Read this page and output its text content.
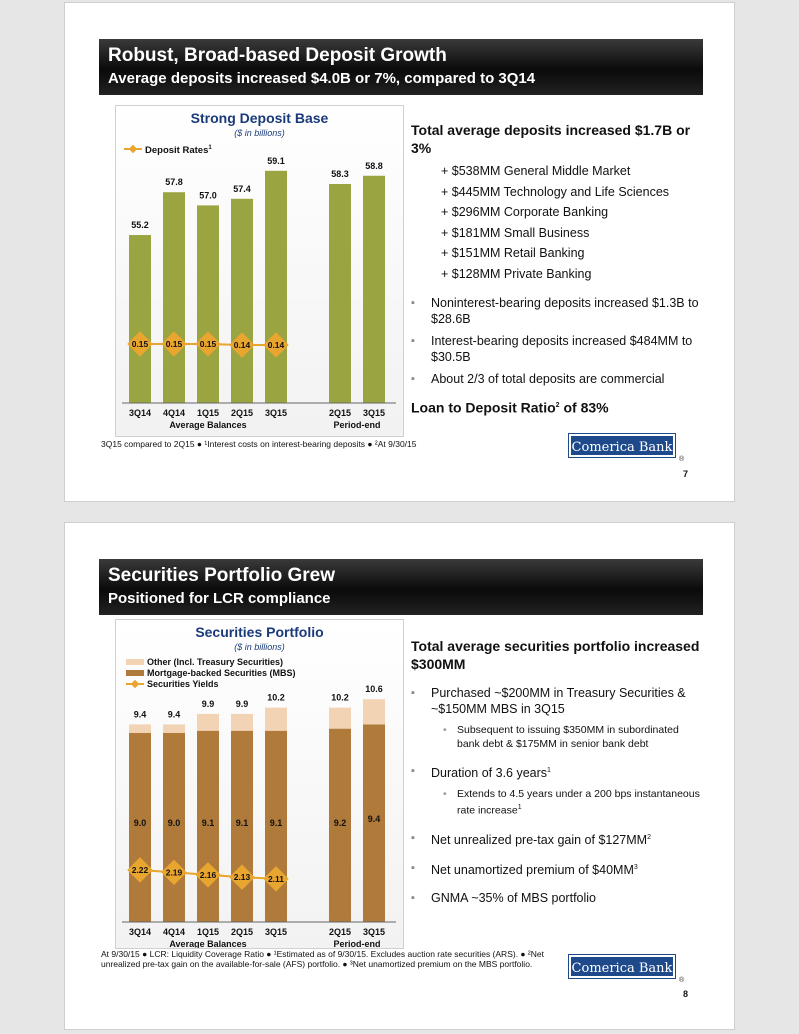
Robust, Broad-based Deposit Growth
Average deposits increased $4.0B or 7%, compared to 3Q14
Strong Deposit Base
($ in billions)
Deposit Rates$^1$
55.2
57.8
57.0
57.4
59.1
58.3
58.8
0.15 0.15 0.15 0.14 0.14
3Q14 4Q14 1Q15 2Q15 3Q15	2Q15 3Q15
Average Balances	Period-end
Total average deposits increased $1.7B or 3%
+ $538MM General Middle Market
+ $445MM Technology and Life Sciences
+ $296MM Corporate Banking
+ $181MM Small Business
+ $151MM Retail Banking
+ $128MM Private Banking
▪ Noninterest-bearing deposits increased $1.3B to $28.6B
▪ Interest-bearing deposits increased $484MM to $30.5B
▪ About 2/3 of total deposits are commercial
Loan to Deposit Ratio$^2$ of 83%
3Q15 compared to 2Q15 ● ¹Interest costs on interest-bearing deposits ● ²At 9/30/15	Comerica Bank
®
7
Securities Portfolio Grew
Positioned for LCR compliance
Securities Portfolio
($ in billions)
Other (Incl. Treasury Securities)
Mortgage-backed Securities (MBS)
Securities Yields
9.4
9.0
9.4
9.0
9.9
9.1
9.9
9.1
10.2
9.1
10.2
9.2
10.6
9.4
2.22 2.19 2.16 2.13 2.11
3Q14 4Q14 1Q15 2Q15 3Q15	2Q15 3Q15
Average Balances	Period-end
Total average securities portfolio increased $300MM
▪ Purchased ~$200MM in Treasury Securities & ~$150MM MBS in 3Q15
• Subsequent to issuing $350MM in subordinated bank debt & $175MM in senior bank debt
▪ Duration of 3.6 years$^1$
• Extends to 4.5 years under a 200 bps instantaneous rate increase$^1$
▪ Net unrealized pre-tax gain of $\$127MM^2$
▪ Net unamortized premium of $\$40MM^3$
▪ GNMA ~35% of MBS portfolio
At 9/30/15 ● LCR: Liquidity Coverage Ratio ● ¹Estimated as of 9/30/15. Excludes auction rate securities (ARS). ● ²Net
unrealized pre-tax gain on the available-for-sale (AFS) portfolio. ● ³Net unamortized premium on the MBS portfolio.	Comerica Bank
®
8
